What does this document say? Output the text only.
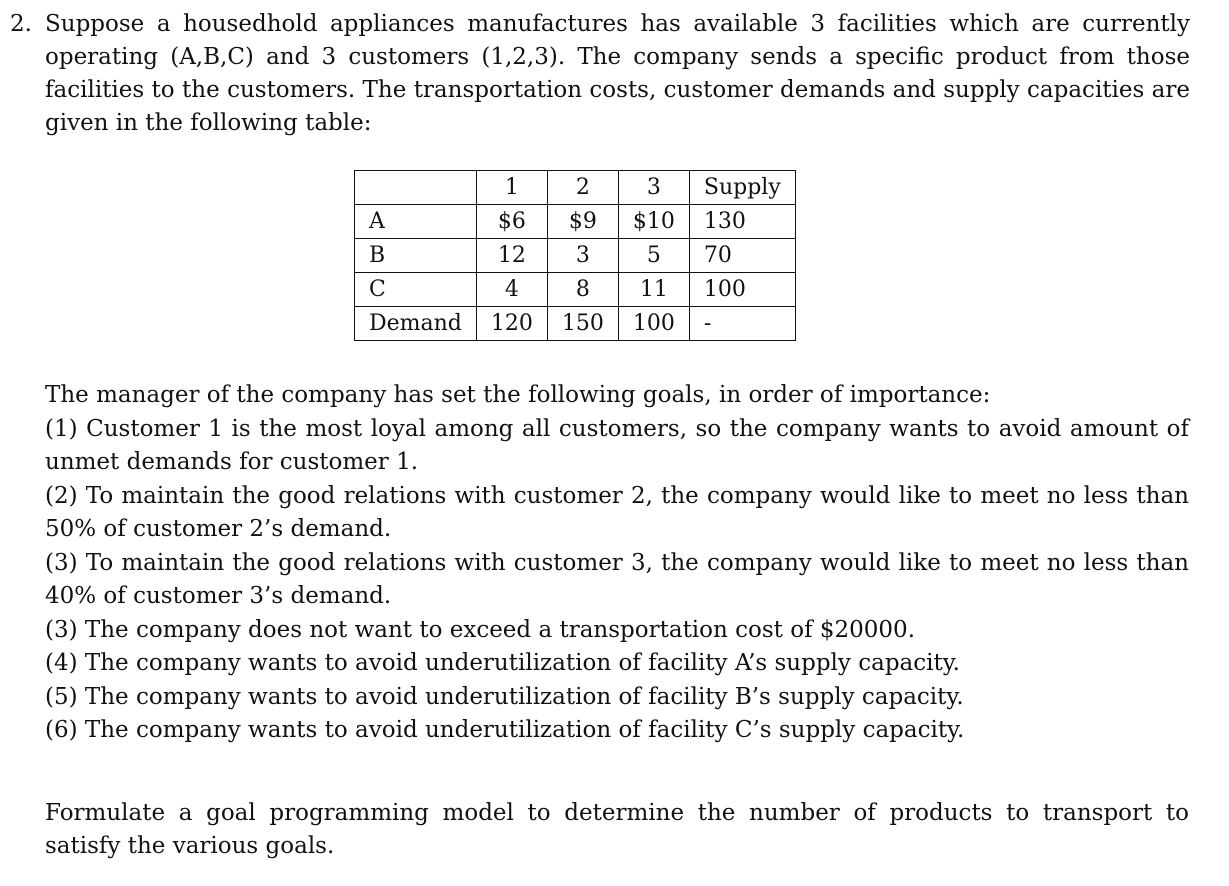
2. Suppose a housedhold appliances manufactures has available 3 facilities which are currently operating (A,B,C) and 3 customers (1,2,3). The company sends a specific product from those facilities to the customers. The transportation costs, customer demands and supply capacities are given in the following table:
	1	2	3	Supply
A	$6	$9	$10	130
B	12	3	5	70
C	4	8	11	100
Demand	120	150	100	-

The manager of the company has set the following goals, in order of importance:

(1) Customer 1 is the most loyal among all customers, so the company wants to avoid amount of unmet demands for customer 1.

(2) To maintain the good relations with customer 2, the company would like to meet no less than 50% of customer 2’s demand.

(3) To maintain the good relations with customer 3, the company would like to meet no less than 40% of customer 3’s demand.

(3) The company does not want to exceed a transportation cost of $20000.

(4) The company wants to avoid underutilization of facility A’s supply capacity.

(5) The company wants to avoid underutilization of facility B’s supply capacity.

(6) The company wants to avoid underutilization of facility C’s supply capacity.

Formulate a goal programming model to determine the number of products to transport to satisfy the various goals.
